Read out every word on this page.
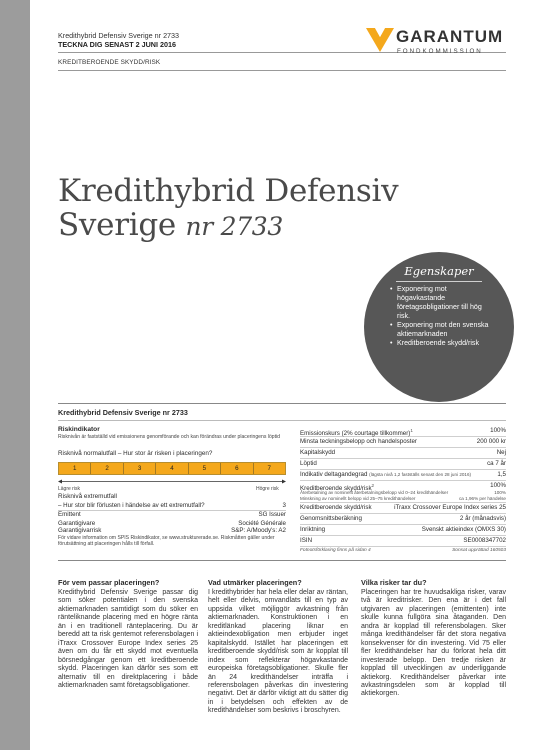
Kredithybrid Defensiv Sverige nr 2733
TECKNA DIG SENAST 2 JUNI 2016
KREDITBEROENDE SKYDD/RISK
GARANTUM
FONDKOMMISSION
Kredithybrid Defensiv
Sverige nr 2733
Egenskaper
• Exponering mot högavkastande företagsobligationer till hög risk.
• Exponering mot den svenska aktiemarknaden
• Kreditberoende skydd/risk
Kredithybrid Defensiv Sverige nr 2733
Riskindikator
Risknivån är fastställd vid emissionens genomförande och kan förändras under placeringens löptid
Risknivå normalutfall – Hur stor är risken i placeringen?
1	2	3	4	5	6	7
Lägre risk	Högre risk
Risknivå extremutfall
– Hur stor blir förlusten i händelse av ett extremutfall?	3
Emittent	SG Issuer
Garantigivare	Société Générale
Garantigivarrisk	S&P: A/Moody's: A2
För vidare information om SPIS Riskindikator, se www.strukturerade.se. Riskmåtten gäller under förutsättning att placeringen hålls till förfall.
Emissionskurs (2% courtage tillkommer)$^1$	100%
Minsta teckningsbelopp och handelsposter	200 000 kr
Kapitalskydd	Nej
Löptid	ca 7 år
Indikativ deltagandegrad (lägsta nivå 1,2 fastställs senast den 28 juni 2016)	1,5
Kreditberoende skydd/risk$^2$	100%
Återbetalning av nominellt återbetalningsbelopp vid 0–24 kredithändelser	100%
Minskning av nominellt belopp vid 25–75 kredithändelser	ca 1,96% per händelse
Kreditberoende skydd/risk	iTraxx Crossover Europe Index series 25
Genomsnittsberäkning	2 år (månadsvis)
Inriktning	Svenskt aktieindex (OMXS 30)
ISIN	SE0008347702
Fotnotsförklaring finns på sidan 4	Sonsat upprättad 160503
För vem passar placeringen?

Kredithybrid Defensiv Sverige passar dig som söker potentialen i den svenska aktiemarknaden samtidigt som du söker en ränteliknande placering med en högre ränta än i en traditionell ränteplacering. Du är beredd att ta risk gentemot referensbolagen i iTraxx Crossover Europe Index series 25 även om du får ett skydd mot eventuella börsnedgångar genom ett kreditberoende skydd. Placeringen kan därför ses som ett alternativ till en direktplacering i både aktiemarknaden samt företagsobligationer.

Vad utmärker placeringen?

I kredithybrider har hela eller delar av räntan, helt eller delvis, omvandlats till en typ av uppsida vilket möjliggör avkastning från aktiemarknaden. Konstruktionen i en kreditlänkad placering liknar en aktieindexobligation men erbjuder inget kapitalskydd. Istället har placeringen ett kreditberoende skydd/risk som är kopplat till index som reflekterar högavkastande europeiska företagsobligationer. Skulle fler än 24 kredithändelser inträffa i referensbolagen påverkas din investering negativt. Det är därför viktigt att du sätter dig in i betydelsen och effekten av de kredithändelser som beskrivs i broschyren.

Vilka risker tar du?

Placeringen har tre huvudsakliga risker, varav två är kreditrisker. Den ena är i det fall utgivaren av placeringen (emittenten) inte skulle kunna fullgöra sina åtaganden. Den andra är kopplad till referensbolagen. Sker många kredithändelser får det stora negativa konsekvenser för din investering. Vid 75 eller fler kredithändelser har du förlorat hela ditt investerade belopp. Den tredje risken är kopplad till utvecklingen av underliggande aktiekorg. Kredithändelser påverkar inte avkastningsdelen som är kopplad till aktiekorgen.
